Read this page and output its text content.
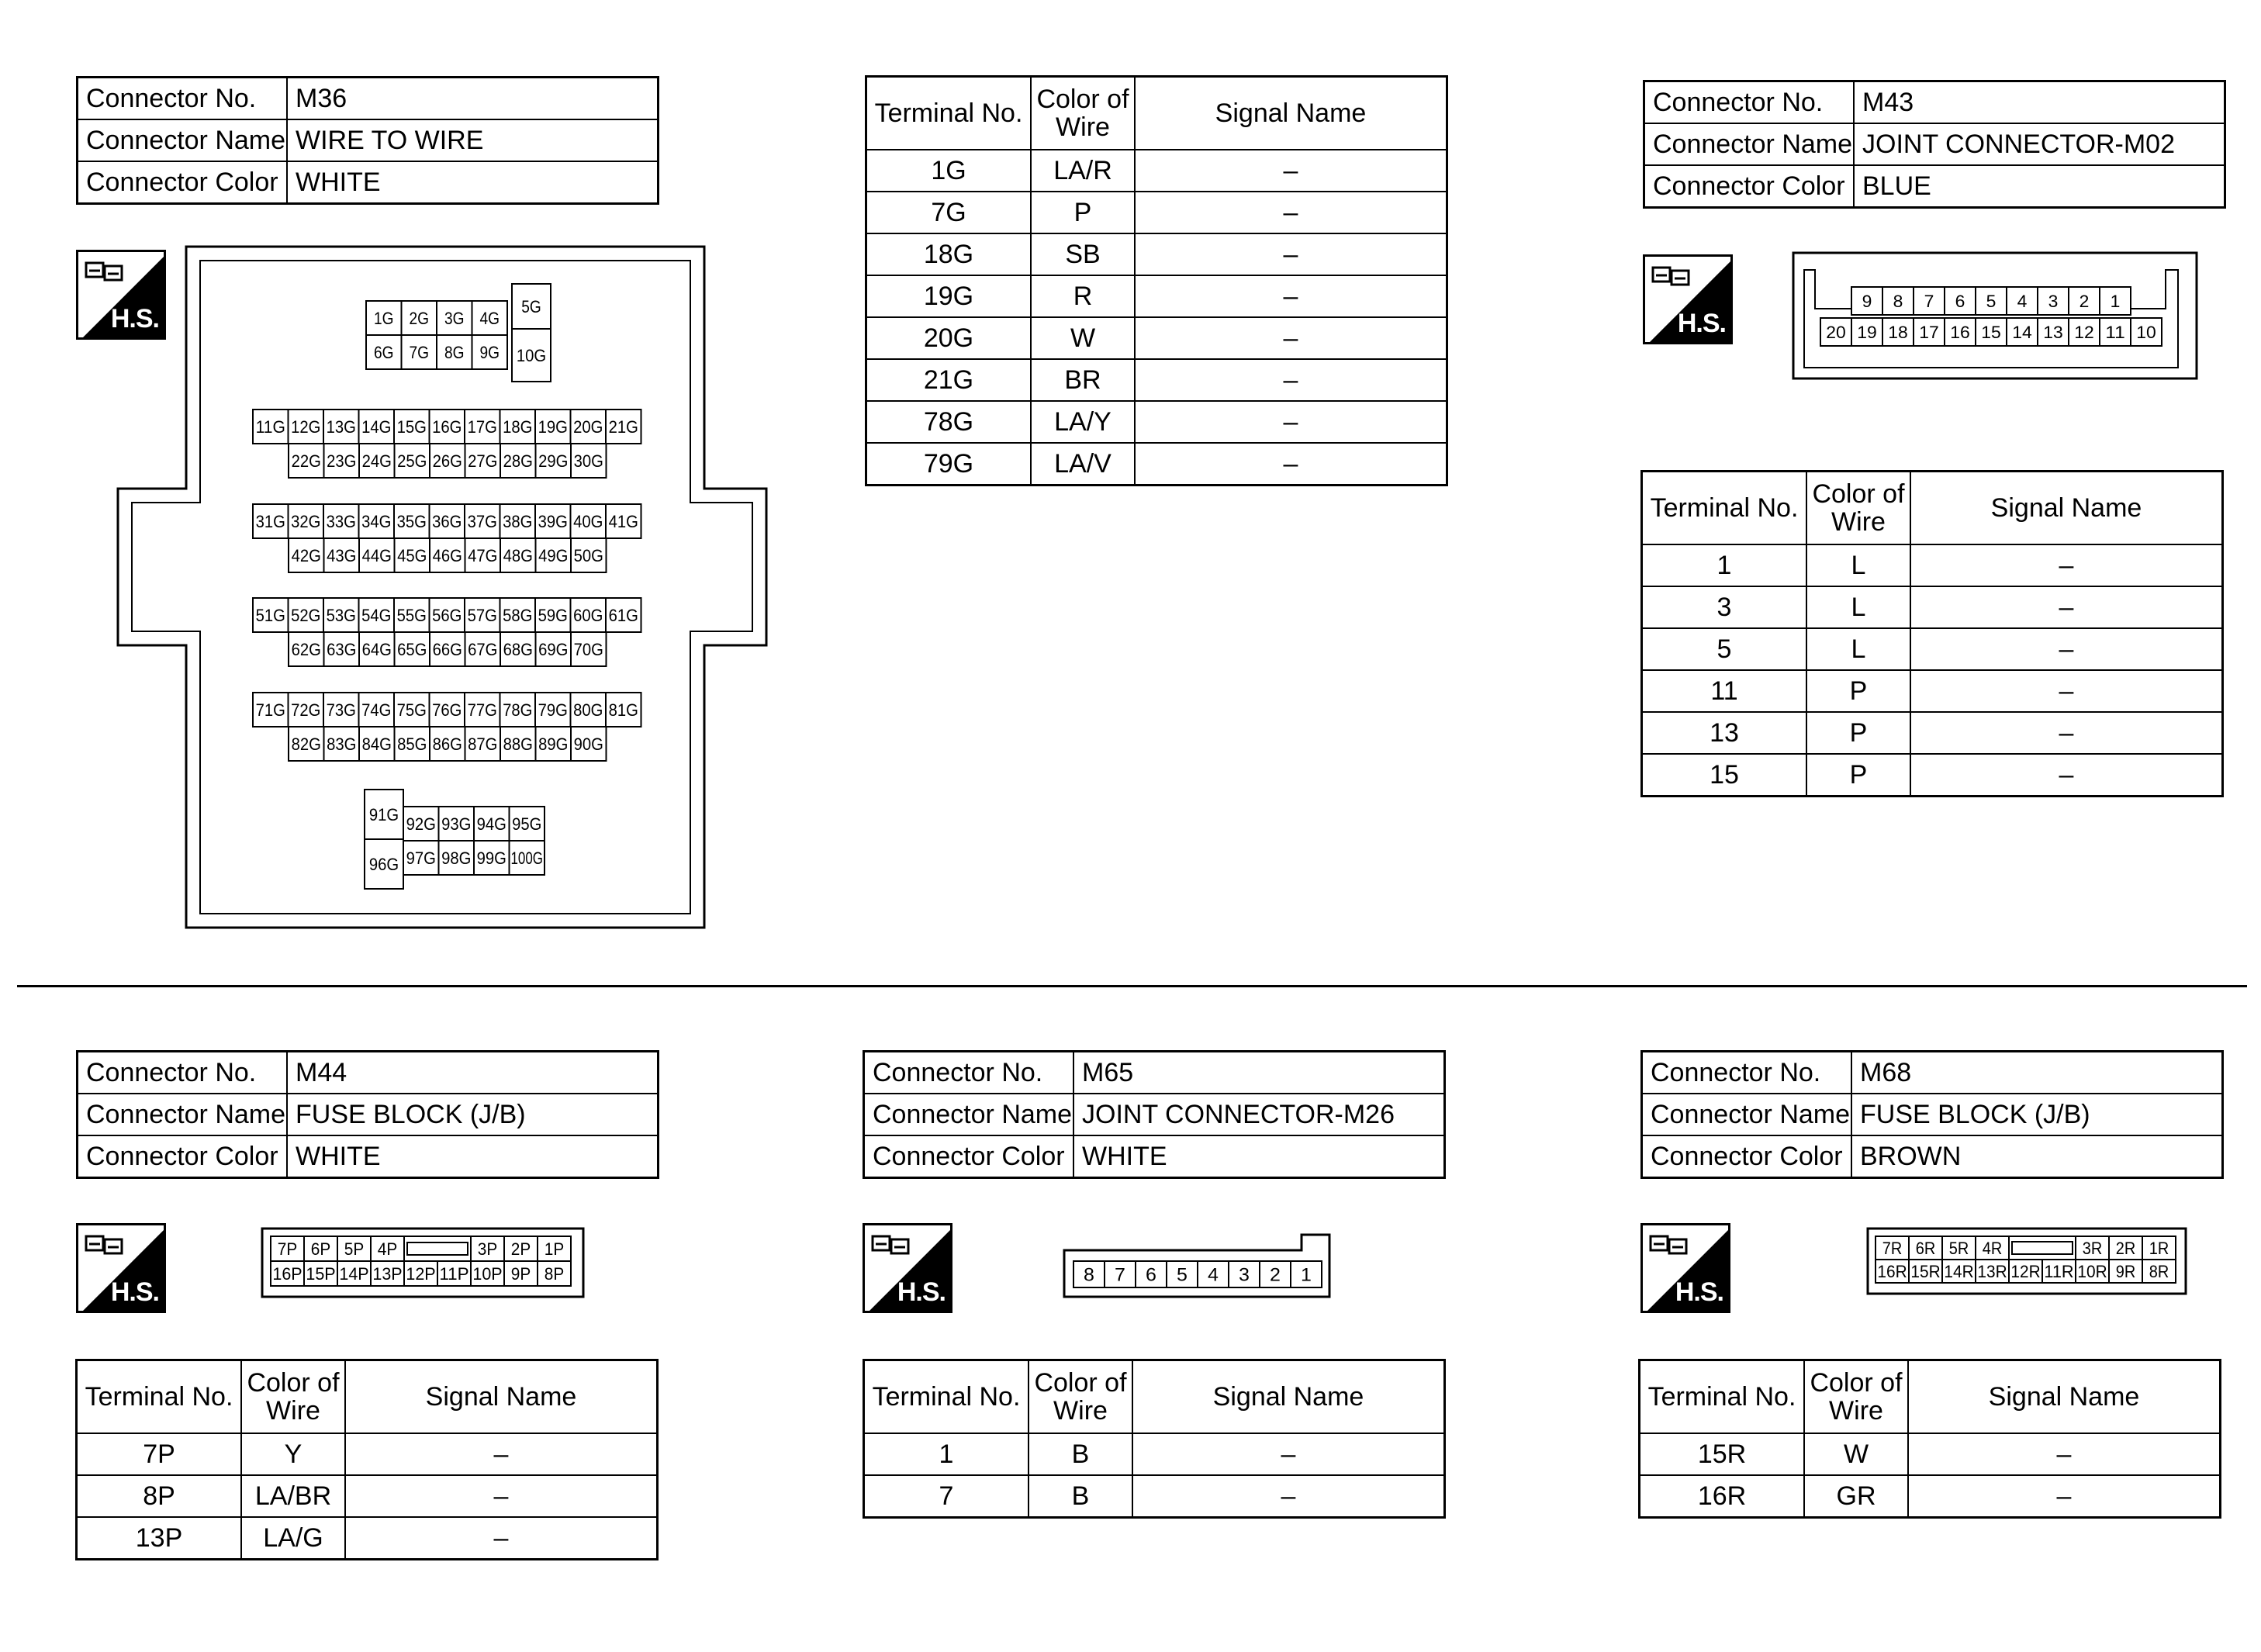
1G 2G 3G 4G
6G 7G 8G 9G
5G
10G
11G 12G 13G 14G 15G 16G 17G 18G 19G 20G 21G
22G 23G 24G 25G 26G 27G 28G 29G 30G
31G 32G 33G 34G 35G 36G 37G 38G 39G 40G 41G
42G 43G 44G 45G 46G 47G 48G 49G 50G
51G 52G 53G 54G 55G 56G 57G 58G 59G 60G 61G
62G 63G 64G 65G 66G 67G 68G 69G 70G
71G 72G 73G 74G 75G 76G 77G 78G 79G 80G 81G
82G 83G 84G 85G 86G 87G 88G 89G 90G
91G
96G
92G 93G 94G 95G
97G 98G 99G 100G
9 8 7 6 5 4 3 2 1
20 19 18 17 16 15 14 13 12 11 10
7P 6P 5P 4P	3P 2P 1P
16P 15P 14P 13P 12P 11P 10P 9P 8P	8 7 6 5 4 3 2 1
7R 6R 5R 4R	3R 2R 1R
16R 15R 14R 13R 12R 11R 10R 9R 8R
Connector No.	M36
Connector Name	WIRE TO WIRE
Connector Color	WHITE
H.S.
Terminal No.	Color of Wire	Signal Name
1G	LA/R	–
7G	P	–
18G	SB	–
19G	R	–
20G	W	–
21G	BR	–
78G	LA/Y	–
79G	LA/V	–
Connector No.	M43
Connector Name	JOINT CONNECTOR-M02
Connector Color	BLUE
H.S.
Terminal No.	Color of Wire	Signal Name
1	L	–
3	L	–
5	L	–
11	P	–
13	P	–
15	P	–
Connector No.	M44
Connector Name	FUSE BLOCK (J/B)
Connector Color	WHITE
H.S.
Terminal No.	Color of Wire	Signal Name
7P	Y	–
8P	LA/BR	–
13P	LA/G	–
Connector No.	M65
Connector Name	JOINT CONNECTOR-M26
Connector Color	WHITE
H.S.
Terminal No.	Color of Wire	Signal Name
1	B	–
7	B	–
Connector No.	M68
Connector Name	FUSE BLOCK (J/B)
Connector Color	BROWN
H.S.
Terminal No.	Color of Wire	Signal Name
15R	W	–
16R	GR	–
